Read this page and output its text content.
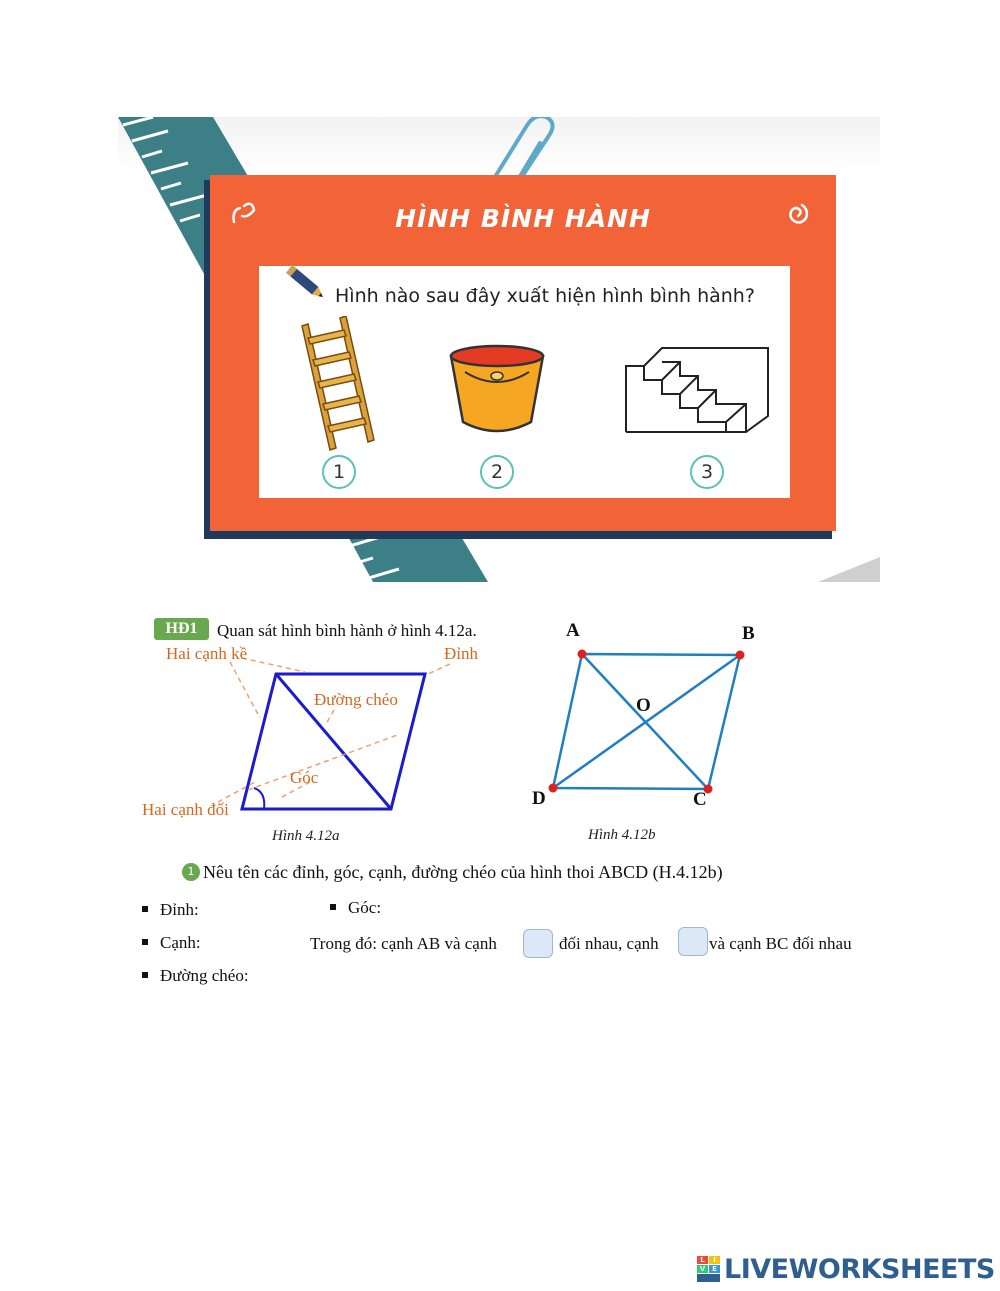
HÌNH BÌNH HÀNH
Hình nào sau đây xuất hiện hình bình hành?
1	2	3
HĐ1	Quan sát hình bình hành ở hình 4.12a.
Hai cạnh kề	Đỉnh
Đường chéo
Góc
Hai cạnh đối
Hình 4.12a
A	B
O
D	C
Hình 4.12b
1 Nêu tên các đỉnh, góc, cạnh, đường chéo của hình thoi ABCD (H.4.12b)
Đỉnh:	Góc:
Cạnh:	Trong đó: cạnh AB và cạnh	đối nhau, cạnh	và cạnh BC đối nhau
Đường chéo:
L	I
V E LIVEWORKSHEETS
